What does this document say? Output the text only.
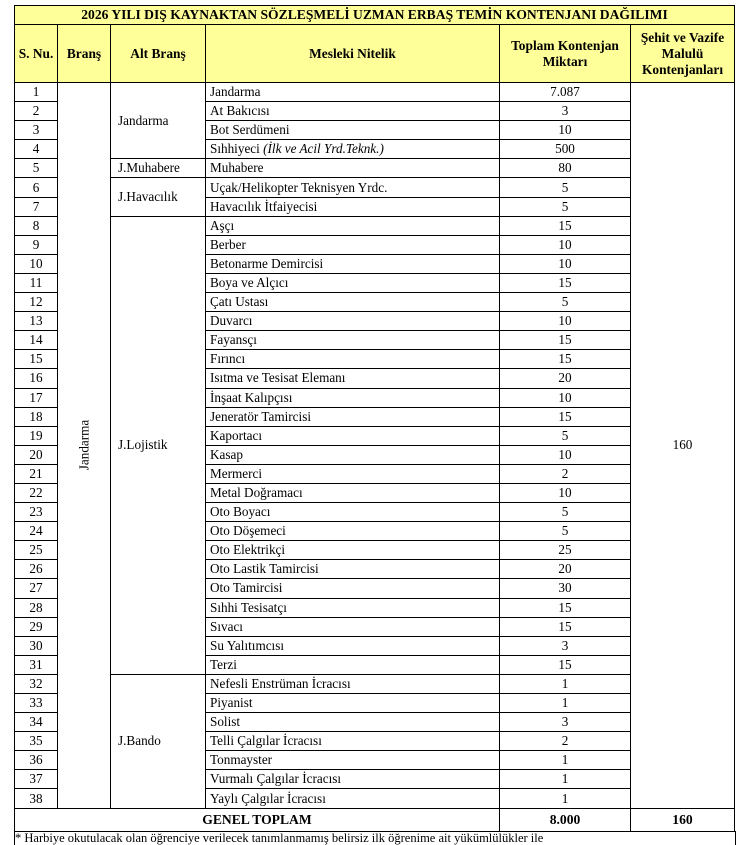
2026 YILI DIŞ KAYNAKTAN SÖZLEŞMELİ UZMAN ERBAŞ TEMİN KONTENJANI DAĞILIMI					
S. Nu.	Branş	Alt Branş	Mesleki Nitelik	Toplam Kontenjan Miktarı	Şehit ve Vazife Malulü Kontenjanları
1	Jandarma	Jandarma	Jandarma	7.087	160
2			At Bakıcısı	3	
3			Bot Serdümeni	10	
4			Sıhhiyeci (İlk ve Acil Yrd.Teknk.)	500	
5		J.Muhabere	Muhabere	80	
6		J.Havacılık	Uçak/Helikopter Teknisyen Yrdc.	5	
7			Havacılık İtfaiyecisi	5	
8		J.Lojistik	Aşçı	15	
9			Berber	10	
10			Betonarme Demircisi	10	
11			Boya ve Alçıcı	15	
12			Çatı Ustası	5	
13			Duvarcı	10	
14			Fayansçı	15	
15			Fırıncı	15	
16			Isıtma ve Tesisat Elemanı	20	
17			İnşaat Kalıpçısı	10	
18			Jeneratör Tamircisi	15	
19			Kaportacı	5	
20			Kasap	10	
21			Mermerci	2	
22			Metal Doğramacı	10	
23			Oto Boyacı	5	
24			Oto Döşemeci	5	
25			Oto Elektrikçi	25	
26			Oto Lastik Tamircisi	20	
27			Oto Tamircisi	30	
28			Sıhhi Tesisatçı	15	
29			Sıvacı	15	
30			Su Yalıtımcısı	3	
31			Terzi	15	
32		J.Bando	Nefesli Enstrüman İcracısı	1	
33			Piyanist	1	
34			Solist	3	
35			Telli Çalgılar İcracısı	2	
36			Tonmayster	1	
37			Vurmalı Çalgılar İcracısı	1	
38			Yaylı Çalgılar İcracısı	1	
GENEL TOPLAM				8.000	160
* Harbiye okutulacak olan öğrenciye verilecek tanımlanmamış belirsiz ilk öğrenime ait yükümlülükler ile
